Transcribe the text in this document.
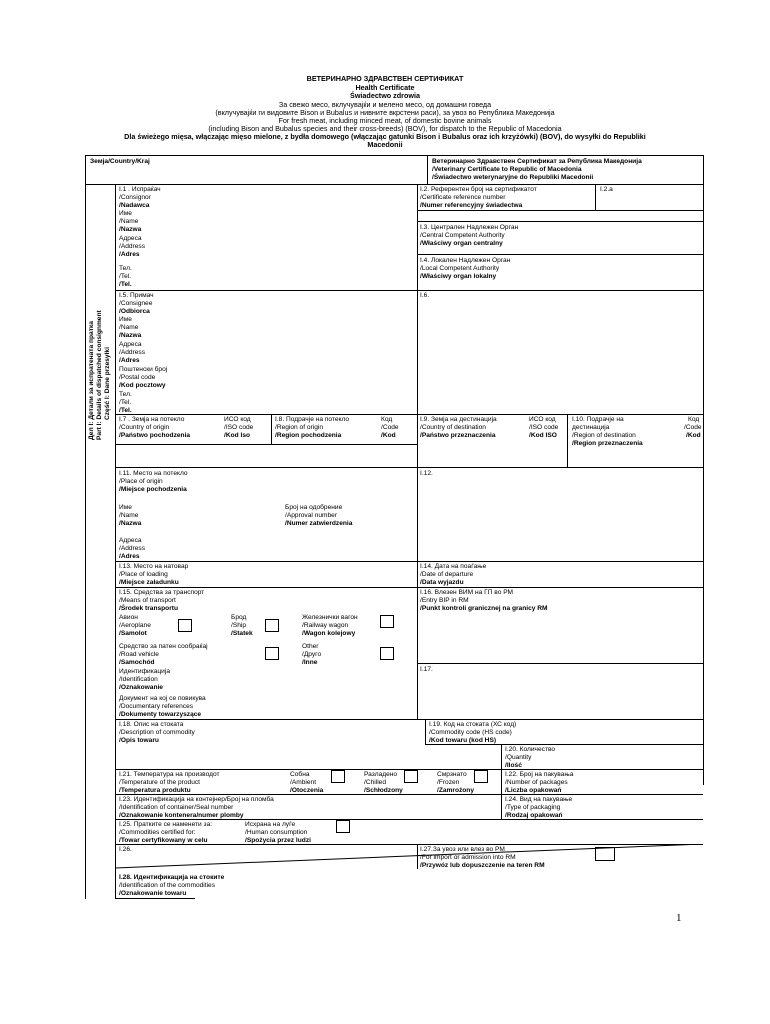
ВЕТЕРИНАРНО ЗДРАВСТВЕН СЕРТИФИКАТ
Health Certificate
Świadectwo zdrowia
За свежо месо, вклучувајќи и мелено месо, од домашни говеда
(вклучувајќи ги видовите Bison и Bubalus и нивните вкрстени раси), за увоз во Република Македонија
For fresh meat, including minced meat, of domestic bovine animals
(including Bison and Bubalus species and their cross-breeds) (BOV), for dispatch to the Republic of Macedonia
Dla świeżego mięsa, włączając mięso mielone, z bydła domowego (włączając gatunki Bison i Bubalus oraz ich krzyżówki) (BOV), do wysyłki do Republiki
Macedonii
Земја/Country/Kraj	Ветеринарно Здравствен Сертификат за Република Македонија
/Veterinary Certificate to Republic of Macedonia
/Świadectwo weterynaryjne do Republiki Macedonii
Дел I: Детали за испратената пратка Part I: Details of dispatched consignment Część I: Dane przesyłki
I.1 . Испраќач
/Consignor
/Nadawca
Име
/Name
/Nazwa
Адреса
/Address
/Adres
Тел.
/Tel.
/Tel.
I.2. Референтен број на сертификатот
/Certificate reference number
/Numer referencyjny świadectwa
I.2.a
I.3. Централен Надлежен Орган
/Central Competent Authority
/Właściwy organ centralny
I.4. Локален Надлежен Орган
/Local Competent Authority
/Właściwy organ lokalny
I.5. Примач
/Consignee
/Odbiorca
Име
/Name
/Nazwa
Адреса
/Address
/Adres
Поштенски број
/Postal code
/Kod pocztowy
Тел.
/Tel.
/Tel.
I.6.
I.7 . Земја на потекло
/Country of origin
/Państwo pochodzenia
ИСО код
/ISO code
/Kod Iso
I.8. Подрачје на потекло
/Region of origin
/Region pochodzenia
Код
/Code
/Kod
I.9. Земја на дестинација
/Country of destination
/Państwo przeznaczenia
ИСО код
/ISO code
/Kod ISO
I.10. Подрачје на
дестинација
/Region of destination
/Region przeznaczenia
Код
/Code
/Kod
I.11. Место на потекло
/Place of origin
/Miejsce pochodzenia
Име
/Name
/Nazwa
Број на одобрение
/Approval number
/Numer zatwierdzenia
Адреса
/Address
/Adres
I.12.
I.13. Место на натовар
/Place of loading
/Miejsce załadunku
I.14. Датa на поаѓање
/Date of departure
/Data wyjazdu
I.15. Средства за транспорт
/Means of transport
/Środek transportu
Авион
/Aeroplane
/Samolot
Брод
/Ship
/Statek
Железнички вагон
/Railway wagon
/Wagon kolejowy
Средство за патен сообраќај
/Road vehicle
/Samochód
Other
/Друго
/Inne
Идентификација
/Identification
/Oznakowanie
Документ на кој се повикува
/Documentary references
/Dokumenty towarzyszące
I.16. Влезен ВИМ на ГП во РМ
/Entry BIP in RM
/Punkt kontroli granicznej na granicy RM
I.17.
I.18. Опис на стоката
/Description of commodity
/Opis towaru
I.19. Код на стоката (ХС код)
/Commodity code (HS code)
/Kod towaru (kod HS)
I.20. Количество
/Quantity
/Ilość
I.21. Температура на производот
/Temperature of the product
/Temperatura produktu
Собна
/Ambient
/Otoczenia
Разладено
/Chilled
/Schłodzony
Смрзнато
/Frozen
/Zamrożony
I.22. Број на пакувања
/Number of packages
/Liczba opakowań
I.23. Идентификација на контејнер/Број на пломба
/Identification of container/Seal number
/Oznakowanie kontenera/numer plomby
I.24. Вид на пакување
/Type of packaging
/Rodzaj opakowań
I.25. Пратките се наменети за:
/Commodities certified for:
/Towar certyfikowany w celu
Исхрана на луѓе
/Human consumption
/Spożycia przez ludzi
I.26.	I.27.За увоз или влез во РМ
/For import or admission into RM
/Przywóz lub dopuszczenie na teren RM
I.28. Идентификација на стоките
/Identification of the commodities
/Oznakowanie towaru
1
